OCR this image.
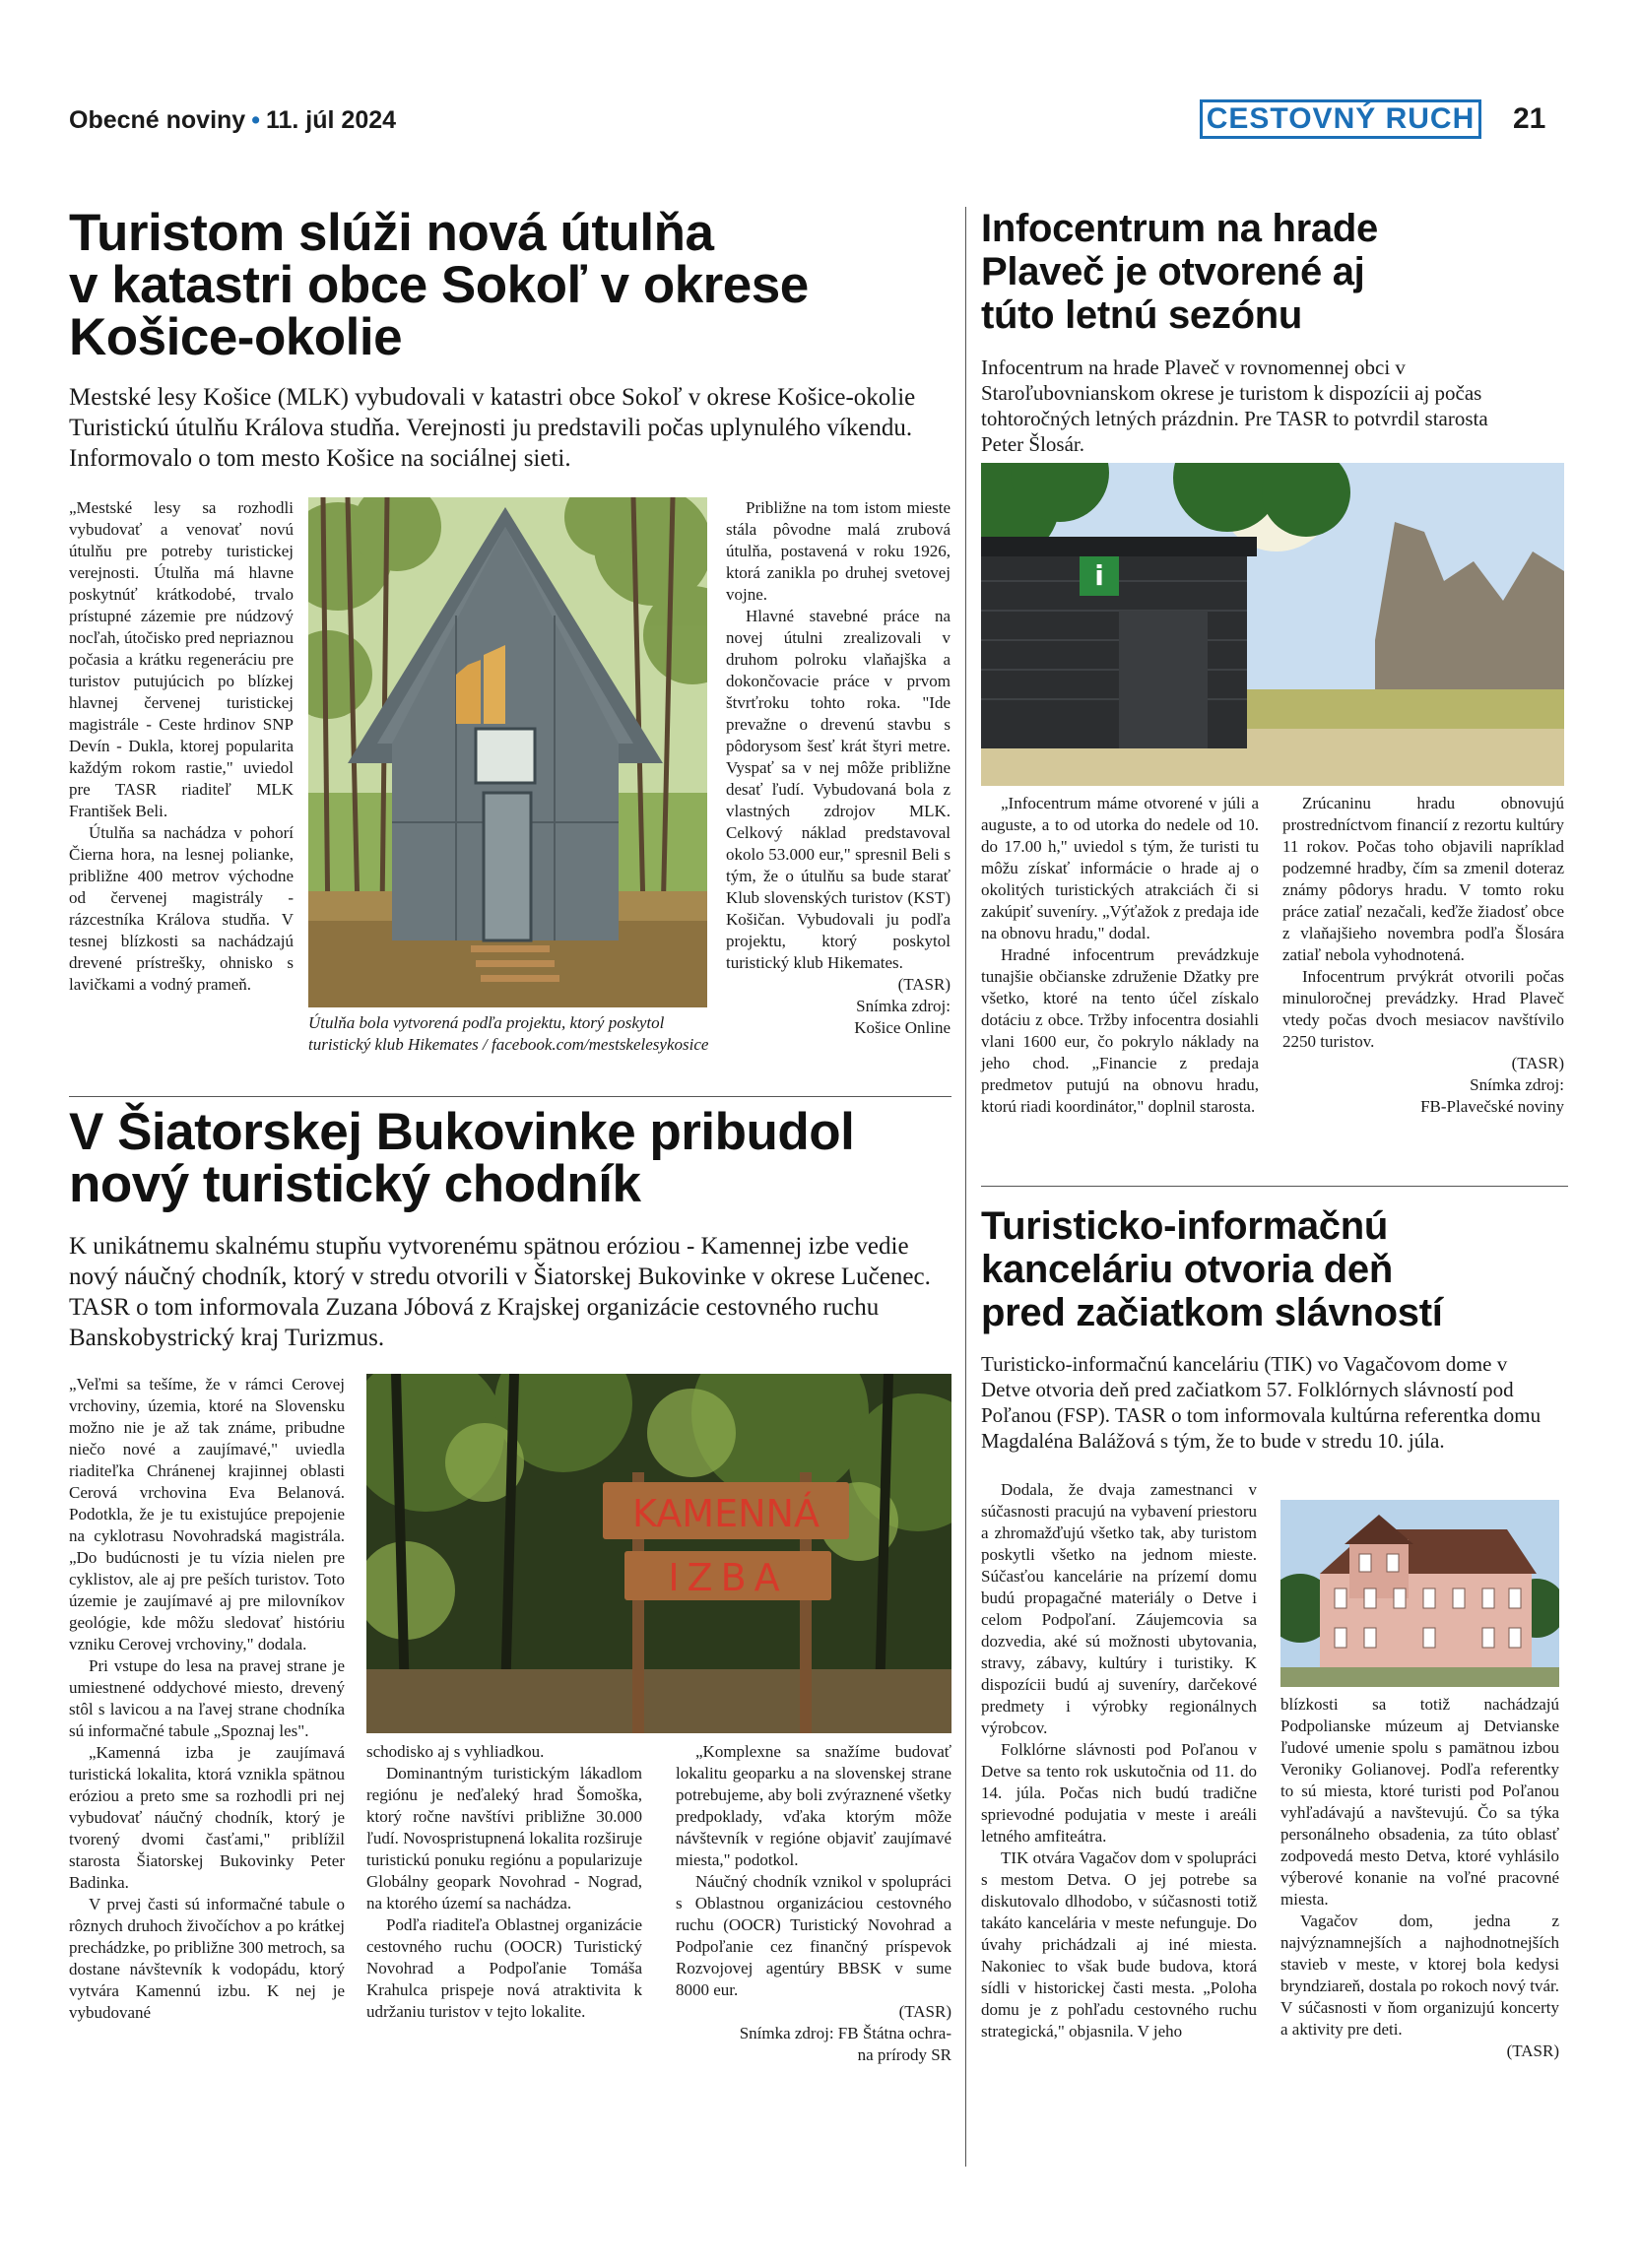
Obecné noviny • 11. júl 2024	CESTOVNÝ RUCH 21
Turistom slúži nová útulňa
v katastri obce Sokoľ v okrese
Košice-okolie
Mestské lesy Košice (MLK) vybudovali v katastri obce Sokoľ v okrese Košice-okolie Turistickú útulňu Králova studňa. Verejnosti ju predstavili počas uplynulého víkendu. Informovalo o tom mesto Košice na sociálnej sieti.

„Mestské lesy sa rozhodli vybudovať a venovať novú útulňu pre potreby turistickej verejnosti. Útulňa má hlavne poskytnúť krátkodobé, trvalo prístupné zázemie pre núdzový nocľah, útočisko pred nepriaznou počasia a krátku regeneráciu pre turistov putujúcich po blízkej hlavnej červenej turistickej magistrále - Ceste hrdinov SNP Devín - Dukla, ktorej popularita každým rokom rastie," uviedol pre TASR riaditeľ MLK František Beli.

Útulňa sa nachádza v pohorí Čierna hora, na lesnej polianke, približne 400 metrov východne od červenej magistrály - rázcestníka Králova studňa. V tesnej blízkosti sa nachádzajú drevené prístrešky, ohnisko s lavičkami a vodný prameň.

Útulňa bola vytvorená podľa projektu, ktorý poskytol turistický klub Hikemates / facebook.com/mestskelesykosice

Približne na tom istom mieste stála pôvodne malá zrubová útulňa, postavená v roku 1926, ktorá zanikla po druhej svetovej vojne.

Hlavné stavebné práce na novej útulni zrealizovali v druhom polroku vlaňajška a dokončovacie práce v prvom štvrťroku tohto roka. "Ide prevažne o drevenú stavbu s pôdorysom šesť krát štyri metre. Vyspať sa v nej môže približne desať ľudí. Vybudovaná bola z vlastných zdrojov MLK. Celkový náklad predstavoval okolo 53.000 eur," spresnil Beli s tým, že o útulňu sa bude starať Klub slovenských turistov (KST) Košičan. Vybudovali ju podľa projektu, ktorý poskytol turistický klub Hikemates.

(TASR)
Snímka zdroj:
Košice Online
Infocentrum na hrade
Plaveč je otvorené aj
túto letnú sezónu
Infocentrum na hrade Plaveč v rovnomennej obci v Staroľubovnianskom okrese je turistom k dispozícii aj počas tohtoročných letných prázdnin. Pre TASR to potvrdil starosta Peter Šlosár.
i

„Infocentrum máme otvorené v júli a auguste, a to od utorka do nedele od 10. do 17.00 h," uviedol s tým, že turisti tu môžu získať informácie o hrade aj o okolitých turistických atrakciách či si zakúpiť suveníry. „Výťažok z predaja ide na obnovu hradu," dodal.

Hradné infocentrum prevádzkuje tunajšie občianske združenie Džatky pre všetko, ktoré na tento účel získalo dotáciu z obce. Tržby infocentra dosiahli vlani 1600 eur, čo pokrylo náklady na jeho chod. „Financie z predaja predmetov putujú na obnovu hradu, ktorú riadi koordinátor," doplnil starosta.

Zrúcaninu hradu obnovujú prostredníctvom financií z rezortu kultúry 11 rokov. Počas toho objavili napríklad podzemné hradby, čím sa zmenil doteraz známy pôdorys hradu. V tomto roku práce zatiaľ nezačali, keďže žiadosť obce z vlaňajšieho novembra podľa Šlosára zatiaľ nebola vyhodnotená.

Infocentrum prvýkrát otvorili počas minuloročnej prevádzky. Hrad Plaveč vtedy počas dvoch mesiacov navštívilo 2250 turistov.

(TASR)
Snímka zdroj:
FB-Plavečské noviny
V Šiatorskej Bukovinke pribudol
nový turistický chodník
K unikátnemu skalnému stupňu vytvorenému spätnou eróziou - Kamennej izbe vedie nový náučný chodník, ktorý v stredu otvorili v Šiatorskej Bukovinke v okrese Lučenec. TASR o tom informovala Zuzana Jóbová z Krajskej organizácie cestovného ruchu Banskobystrický kraj Turizmus.

„Veľmi sa tešíme, že v rámci Cerovej vrchoviny, územia, ktoré na Slovensku možno nie je až tak známe, pribudne niečo nové a zaujímavé," uviedla riaditeľka Chránenej krajinnej oblasti Cerová vrchovina Eva Belanová. Podotkla, že je tu existujúce prepojenie na cyklotrasu Novohradská magistrála. „Do budúcnosti je tu vízia nielen pre cyklistov, ale aj pre peších turistov. Toto územie je zaujímavé aj pre milovníkov geológie, kde môžu sledovať históriu vzniku Cerovej vrchoviny," dodala.

Pri vstupe do lesa na pravej strane je umiestnené oddychové miesto, drevený stôl s lavicou a na ľavej strane chodníka sú informačné tabule „Spoznaj les".

„Kamenná izba je zaujímavá turistická lokalita, ktorá vznikla spätnou eróziou a preto sme sa rozhodli pri nej vybudovať náučný chodník, ktorý je tvorený dvomi časťami," priblížil starosta Šiatorskej Bukovinky Peter Badinka.

V prvej časti sú informačné tabule o rôznych druhoch živočíchov a po krátkej prechádzke, po približne 300 metroch, sa dostane návštevník k vodopádu, ktorý vytvára Kamennú izbu. K nej je vybudované

KAMENNÁ
IZBA

schodisko aj s vyhliadkou.

Dominantným turistickým lákadlom regiónu je neďaleký hrad Šomoška, ktorý ročne navštívi približne 30.000 ľudí. Novospristupnená lokalita rozširuje turistickú ponuku regiónu a popularizuje Globálny geopark Novohrad - Nograd, na ktorého území sa nachádza.

Podľa riaditeľa Oblastnej organizácie cestovného ruchu (OOCR) Turistický Novohrad a Podpoľanie Tomáša Krahulca prispeje nová atraktivita k udržaniu turistov v tejto lokalite.

„Komplexne sa snažíme budovať lokalitu geoparku a na slovenskej strane potrebujeme, aby boli zvýraznené všetky predpoklady, vďaka ktorým môže návštevník v regióne objaviť zaujímavé miesta," podotkol.

Náučný chodník vznikol v spolupráci s Oblastnou organizáciou cestovného ruchu (OOCR) Turistický Novohrad a Podpoľanie cez finančný príspevok Rozvojovej agentúry BBSK v sume 8000 eur.

(TASR)
Snímka zdroj: FB Štátna ochra-
na prírody SR
Turisticko-informačnú
kanceláriu otvoria deň
pred začiatkom slávností
Turisticko-informačnú kanceláriu (TIK) vo Vagačovom dome v Detve otvoria deň pred začiatkom 57. Folklórnych slávností pod Poľanou (FSP). TASR o tom informovala kultúrna referentka domu Magdaléna Balážová s tým, že to bude v stredu 10. júla.

Dodala, že dvaja zamestnanci v súčasnosti pracujú na vybavení priestoru a zhromažďujú všetko tak, aby turistom poskytli všetko na jednom mieste. Súčasťou kancelárie na prízemí domu budú propagačné materiály o Detve i celom Podpoľaní. Záujemcovia sa dozvedia, aké sú možnosti ubytovania, stravy, zábavy, kultúry i turistiky. K dispozícii budú aj suveníry, darčekové predmety i výrobky regionálnych výrobcov.

Folklórne slávnosti pod Poľanou v Detve sa tento rok uskutočnia od 11. do 14. júla. Počas nich budú tradične sprievodné podujatia v meste i areáli letného amfiteátra.

TIK otvára Vagačov dom v spolupráci s mestom Detva. O jej potrebe sa diskutovalo dlhodobo, v súčasnosti totiž takáto kancelária v meste nefunguje. Do úvahy prichádzali aj iné miesta. Nakoniec to však bude budova, ktorá sídli v historickej časti mesta. „Poloha domu je z pohľadu cestovného ruchu strategická," objasnila. V jeho

blízkosti sa totiž nachádzajú Podpolianske múzeum aj Detvianske ľudové umenie spolu s pamätnou izbou Veroniky Golianovej. Podľa referentky to sú miesta, ktoré turisti pod Poľanou vyhľadávajú a navštevujú. Čo sa týka personálneho obsadenia, za túto oblasť zodpovedá mesto Detva, ktoré vyhlásilo výberové konanie na voľné pracovné miesta.

Vagačov dom, jedna z najvýznamnejších a najhodnotnejších stavieb v meste, v ktorej bola kedysi bryndziareň, dostala po rokoch nový tvár. V súčasnosti v ňom organizujú koncerty a aktivity pre deti.

(TASR)
